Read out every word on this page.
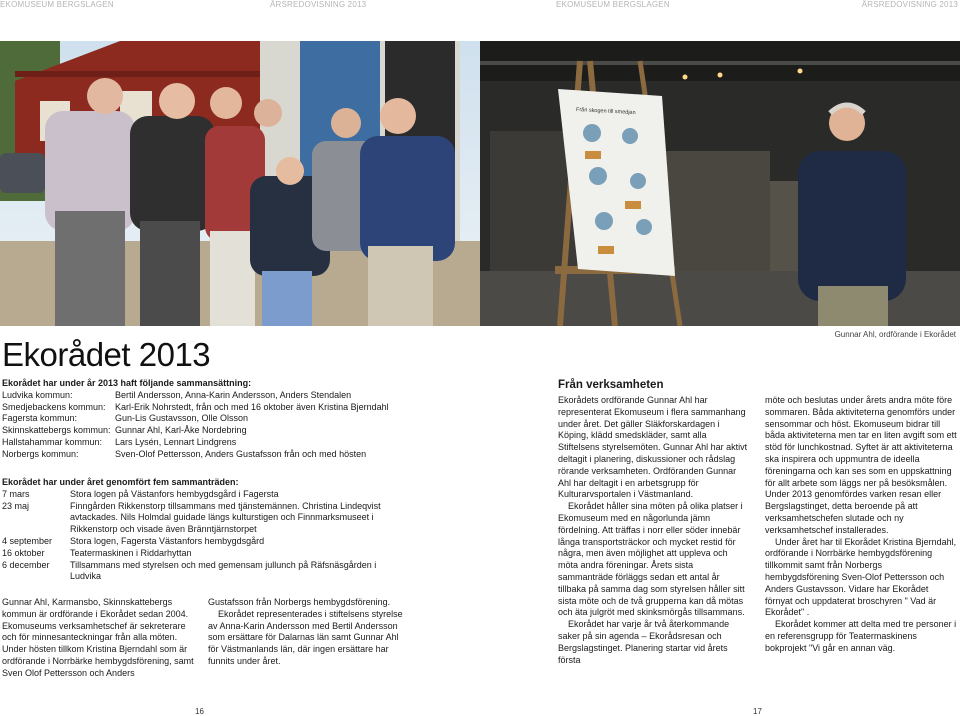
EKOMUSEUM BERGSLAGEN	ÅRSREDOVISNING 2013	EKOMUSEUM BERGSLAGEN	ÅRSREDOVISNING 2013
Från skogen till smedjan
Gunnar Ahl, ordförande i Ekorådet
Ekorådet 2013
Ekorådet har under år 2013 haft följande sammansättning:
Ludvika kommun:	Bertil Andersson, Anna-Karin Andersson, Anders Stendalen
Smedjebackens kommun: Karl-Erik Nohrstedt, från och med 16 oktober även Kristina Bjerndahl
Fagersta kommun:	Gun-Lis Gustavsson, Olle Olsson
Skinnskattebergs kommun: Gunnar Ahl, Karl-Åke Nordebring
Hallstahammar kommun: Lars Lysén, Lennart Lindgrens
Norbergs kommun:	Sven-Olof Pettersson, Anders Gustafsson från och med hösten
Ekorådet har under året genomfört fem sammanträden:
7 mars	Stora logen på Västanfors hembygdsgård i Fagersta
23 maj	Finngården Rikkenstorp tillsammans med tjänstemännen. Christina Lindeqvist avtackades. Nils Holmdal guidade längs kulturstigen och Finnmarksmuseet i Rikkenstorp och visade även Bränntjärnstorpet
4 september Stora logen, Fagersta Västanfors hembygdsgård
16 oktober	Teatermaskinen i Riddarhyttan
6 december Tillsammans med styrelsen och med gemensam jullunch på Räfsnäsgården i Ludvika

Gunnar Ahl, Karmansbo, Skinnskattebergs kommun är ordförande i Ekorådet sedan 2004. Ekomuseums verksamhetschef är sekreterare och för minnesanteckningar från alla möten. Under hösten tillkom Kristina Bjerndahl som är ordförande i Norrbärke hembygdsförening, samt Sven Olof Pettersson och Anders

Gustafsson från Norbergs hembygdsförening.

Ekorådet representerades i stiftelsens styrelse av Anna-Karin Andersson med Bertil Andersson som ersättare för Dalarnas län samt Gunnar Ahl för Västmanlands län, där ingen ersättare har funnits under året.

Från verksamheten

Ekorådets ordförande Gunnar Ahl har representerat Ekomuseum i flera sammanhang under året. Det gäller Släkforskardagen i Köping, klädd smedskläder, samt alla Stiftelsens styrelsemöten. Gunnar Ahl har aktivt deltagit i planering, diskussioner och rådslag rörande verksamheten. Ordföranden Gunnar Ahl har deltagit i en arbetsgrupp för Kulturarvsportalen i Västmanland.

Ekorådet håller sina möten på olika platser i Ekomuseum med en någorlunda jämn fördelning. Att träffas i norr eller söder innebär långa transportsträckor och mycket restid för några, men även möjlighet att uppleva och möta andra föreningar. Årets sista sammanträde förläggs sedan ett antal år tillbaka på samma dag som styrelsen håller sitt sista möte och de två grupperna kan då mötas och äta julgröt med skinksmörgås tillsammans.

Ekorådet har varje år två återkommande saker på sin agenda – Ekorådsresan och Bergslagstinget. Planering startar vid årets första

möte och beslutas under årets andra möte före sommaren. Båda aktiviteterna genomförs under sensommar och höst. Ekomuseum bidrar till båda aktiviteterna men tar en liten avgift som ett stöd för lunchkostnad. Syftet är att aktiviteterna ska inspirera och uppmuntra de ideella föreningarna och kan ses som en uppskattning för allt arbete som läggs ner på besöksmålen. Under 2013 genomfördes varken resan eller Bergslagstinget, detta beroende på att verksamhetschefen slutade och ny verksamhetschef installerades.

Under året har til Ekorådet Kristina Bjerndahl, ordförande i Norrbärke hembygdsförening tillkommit samt från Norbergs hembygdsförening Sven-Olof Pettersson och Anders Gustavsson. Vidare har Ekorådet förnyat och uppdaterat broschyren " Vad är Ekorådet" .

Ekorådet kommer att delta med tre personer i en referensgrupp för Teatermaskinens bokprojekt "Vi går en annan väg.

16	17
